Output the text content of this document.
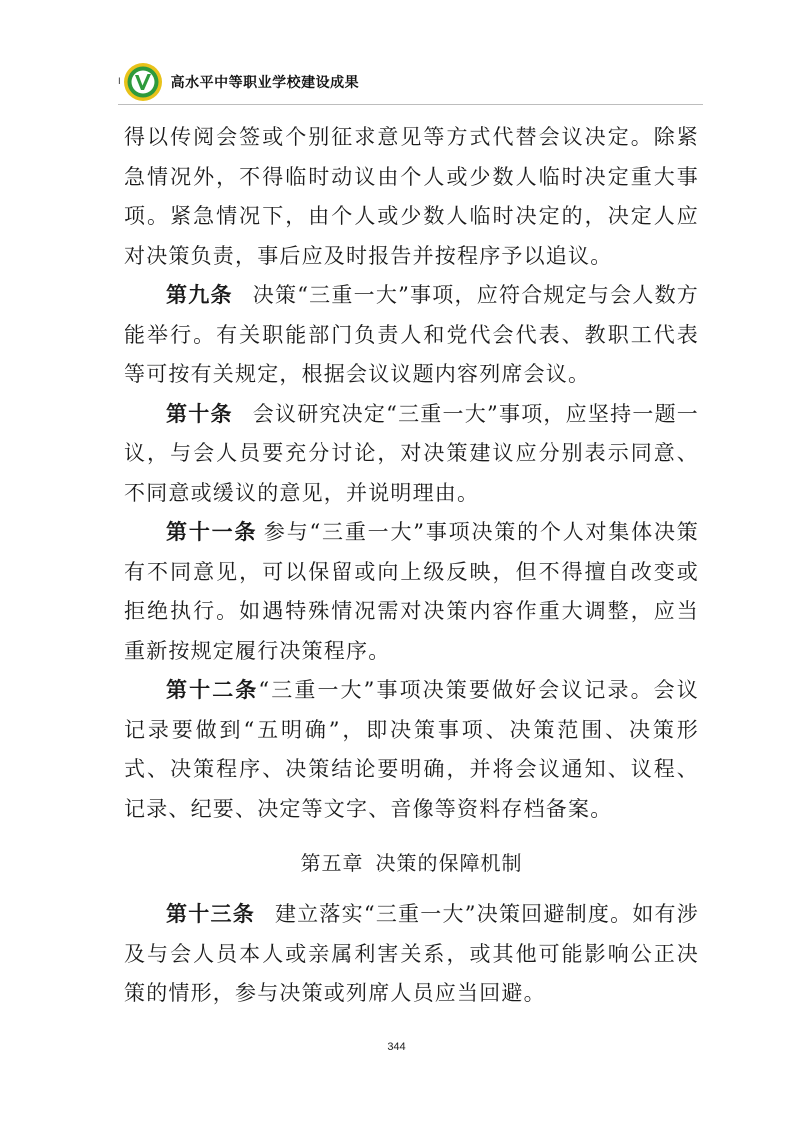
I	高水平中等职业学校建设成果

得以传阅会签或个别征求意见等方式代替会议决定。除紧急情况外，不得临时动议由个人或少数人临时决定重大事项。紧急情况下，由个人或少数人临时决定的，决定人应对决策负责，事后应及时报告并按程序予以追议。

第九条 决策“三重一大”事项，应符合规定与会人数方能举行。有关职能部门负责人和党代会代表、教职工代表等可按有关规定，根据会议议题内容列席会议。

第十条 会议研究决定“三重一大”事项，应坚持一题一议，与会人员要充分讨论，对决策建议应分别表示同意、不同意或缓议的意见，并说明理由。

第十一条 参与“三重一大”事项决策的个人对集体决策有不同意见，可以保留或向上级反映，但不得擅自改变或拒绝执行。如遇特殊情况需对决策内容作重大调整，应当重新按规定履行决策程序。

第十二条“三重一大”事项决策要做好会议记录。会议记录要做到“五明确”，即决策事项、决策范围、决策形式、决策程序、决策结论要明确，并将会议通知、议程、记录、纪要、决定等文字、音像等资料存档备案。

第五章 决策的保障机制

第十三条 建立落实“三重一大”决策回避制度。如有涉及与会人员本人或亲属利害关系，或其他可能影响公正决策的情形，参与决策或列席人员应当回避。

344
